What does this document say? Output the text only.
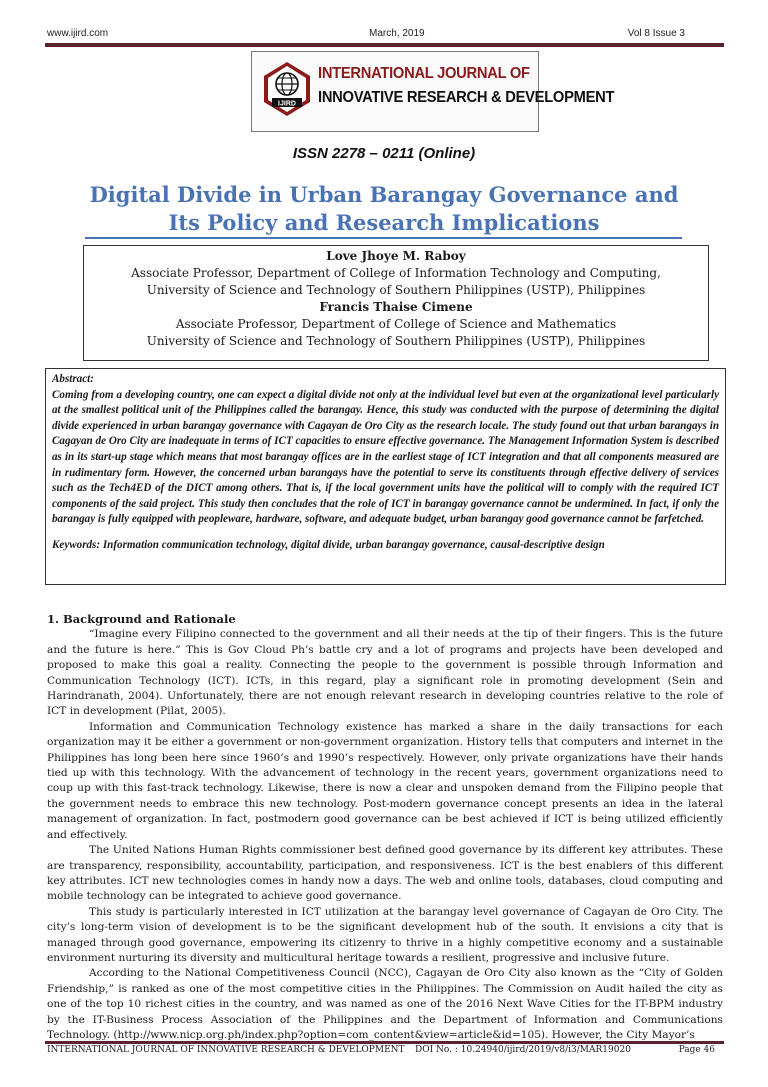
www.ijird.com	March, 2019	Vol 8 Issue 3
IJIRD
INTERNATIONAL JOURNAL OF
INNOVATIVE RESEARCH & DEVELOPMENT
ISSN 2278 – 0211 (Online)
Digital Divide in Urban Barangay Governance and
Its Policy and Research Implications
Love Jhoye M. Raboy
Associate Professor, Department of College of Information Technology and Computing,
University of Science and Technology of Southern Philippines (USTP), Philippines
Francis Thaise Cimene
Associate Professor, Department of College of Science and Mathematics
University of Science and Technology of Southern Philippines (USTP), Philippines
Abstract:
Coming from a developing country, one can expect a digital divide not only at the individual level but even at the organizational level particularly at the smallest political unit of the Philippines called the barangay. Hence, this study was conducted with the purpose of determining the digital divide experienced in urban barangay governance with Cagayan de Oro City as the research locale. The study found out that urban barangays in Cagayan de Oro City are inadequate in terms of ICT capacities to ensure effective governance. The Management Information System is described as in its start-up stage which means that most barangay offices are in the earliest stage of ICT integration and that all components measured are in rudimentary form. However, the concerned urban barangays have the potential to serve its constituents through effective delivery of services such as the Tech4ED of the DICT among others. That is, if the local government units have the political will to comply with the required ICT components of the said project. This study then concludes that the role of ICT in barangay governance cannot be undermined. In fact, if only the barangay is fully equipped with peopleware, hardware, software, and adequate budget, urban barangay good governance cannot be farfetched.
Keywords: Information communication technology, digital divide, urban barangay governance, causal-descriptive design
1. Background and Rationale

“Imagine every Filipino connected to the government and all their needs at the tip of their fingers. This is the future and the future is here.” This is Gov Cloud Ph’s battle cry and a lot of programs and projects have been developed and proposed to make this goal a reality. Connecting the people to the government is possible through Information and Communication Technology (ICT). ICTs, in this regard, play a significant role in promoting development (Sein and Harindranath, 2004). Unfortunately, there are not enough relevant research in developing countries relative to the role of ICT in development (Pilat, 2005).

Information and Communication Technology existence has marked a share in the daily transactions for each organization may it be either a government or non-government organization. History tells that computers and internet in the Philippines has long been here since 1960’s and 1990’s respectively. However, only private organizations have their hands tied up with this technology. With the advancement of technology in the recent years, government organizations need to coup up with this fast-track technology. Likewise, there is now a clear and unspoken demand from the Filipino people that the government needs to embrace this new technology. Post-modern governance concept presents an idea in the lateral management of organization. In fact, postmodern good governance can be best achieved if ICT is being utilized efficiently and effectively.

The United Nations Human Rights commissioner best defined good governance by its different key attributes. These are transparency, responsibility, accountability, participation, and responsiveness. ICT is the best enablers of this different key attributes. ICT new technologies comes in handy now a days. The web and online tools, databases, cloud computing and mobile technology can be integrated to achieve good governance.

This study is particularly interested in ICT utilization at the barangay level governance of Cagayan de Oro City. The city’s long-term vision of development is to be the significant development hub of the south. It envisions a city that is managed through good governance, empowering its citizenry to thrive in a highly competitive economy and a sustainable environment nurturing its diversity and multicultural heritage towards a resilient, progressive and inclusive future.

According to the National Competitiveness Council (NCC), Cagayan de Oro City also known as the “City of Golden Friendship,” is ranked as one of the most competitive cities in the Philippines. The Commission on Audit hailed the city as one of the top 10 richest cities in the country, and was named as one of the 2016 Next Wave Cities for the IT-BPM industry by the IT-Business Process Association of the Philippines and the Department of Information and Communications Technology. (http://www.nicp.org.ph/index.php?option=com_content&view=article&id=105). However, the City Mayor’s

INTERNATIONAL JOURNAL OF INNOVATIVE RESEARCH & DEVELOPMENT DOI No. : 10.24940/ijird/2019/v8/i3/MAR19020	Page 46
